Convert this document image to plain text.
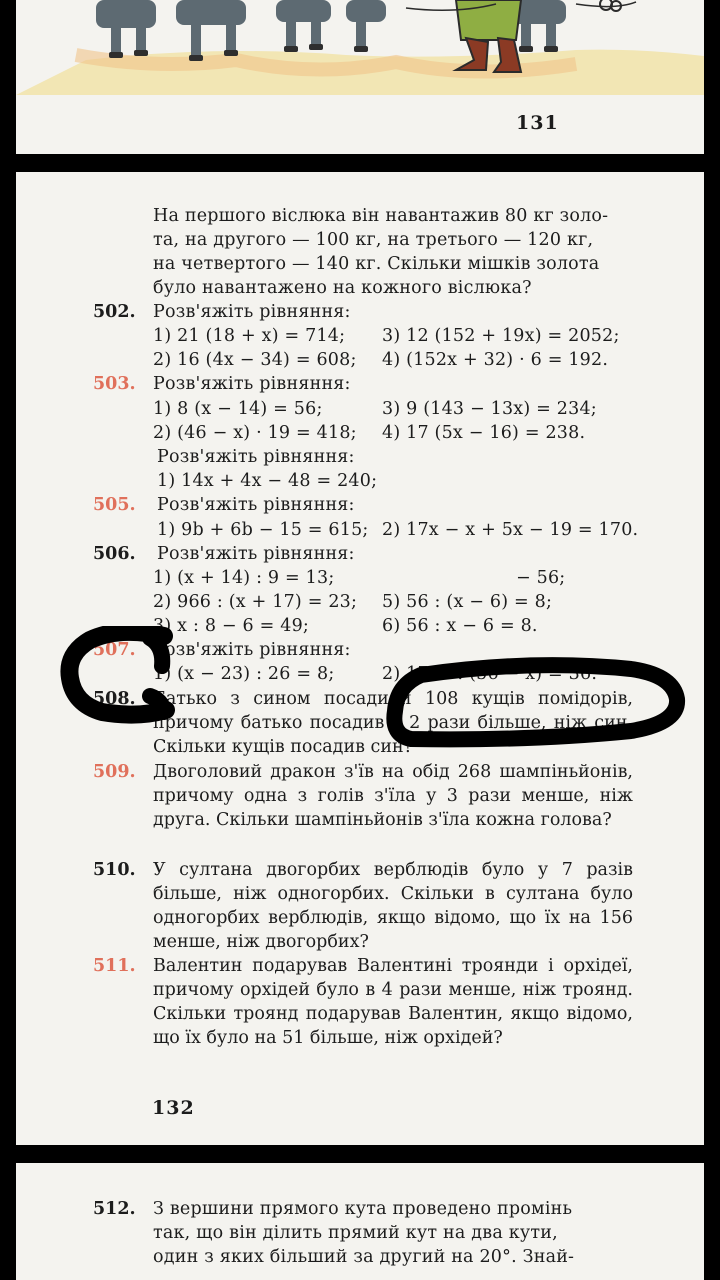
131
На першого віслюка він навантажив 80 кг золо-
та, на другого — 100 кг, на третього — 120 кг,
на четвертого — 140 кг. Скільки мішків золота
було навантажено на кожного віслюка?
502. Розв'яжіть рівняння:
1) 21 (18 + x) = 714; 3) 12 (152 + 19x) = 2052;
2) 16 (4x − 34) = 608; 4) (152x + 32) · 6 = 192.
503. Розв'яжіть рівняння:
1) 8 (x − 14) = 56;	3) 9 (143 − 13x) = 234;
2) (46 − x) · 19 = 418; 4) 17 (5x − 16) = 238.
Розв'яжіть рівняння:
1) 14x + 4x − 48 = 240;
505. Розв'яжіть рівняння:
1) 9b + 6b − 15 = 615; 2) 17x − x + 5x − 19 = 170.
506. Розв'яжіть рівняння:
1) (x + 14) : 9 = 13;	− 56;
2) 966 : (x + 17) = 23; 5) 56 : (x − 6) = 8;
3) x : 8 − 6 = 49;	6) 56 : x − 6 = 8.
507. Розв'яжіть рівняння:
1) (x − 23) : 26 = 8;	2) 1728 : (56 − x) = 36.
508. Батько з сином посадили 108 кущів помідорів, причому батько посадив у 2 рази більше, ніж син. Скільки кущів посадив син?
509. Двоголовий дракон з'їв на обід 268 шампіньйонів, причому одна з голів з'їла у 3 рази менше, ніж друга. Скільки шампіньйонів з'їла кожна голова?
510. У султана двогорбих верблюдів було у 7 разів більше, ніж одногорбих. Скільки в султана було одногорбих верблюдів, якщо відомо, що їх на 156 менше, ніж двогорбих?
511. Валентин подарував Валентині троянди і орхідеї, причому орхідей було в 4 рази менше, ніж троянд. Скільки троянд подарував Валентин, якщо відомо, що їх було на 51 більше, ніж орхідей?
132
512. З вершини прямого кута проведено промінь
так, що він ділить прямий кут на два кути,
один з яких більший за другий на 20°. Знай-
